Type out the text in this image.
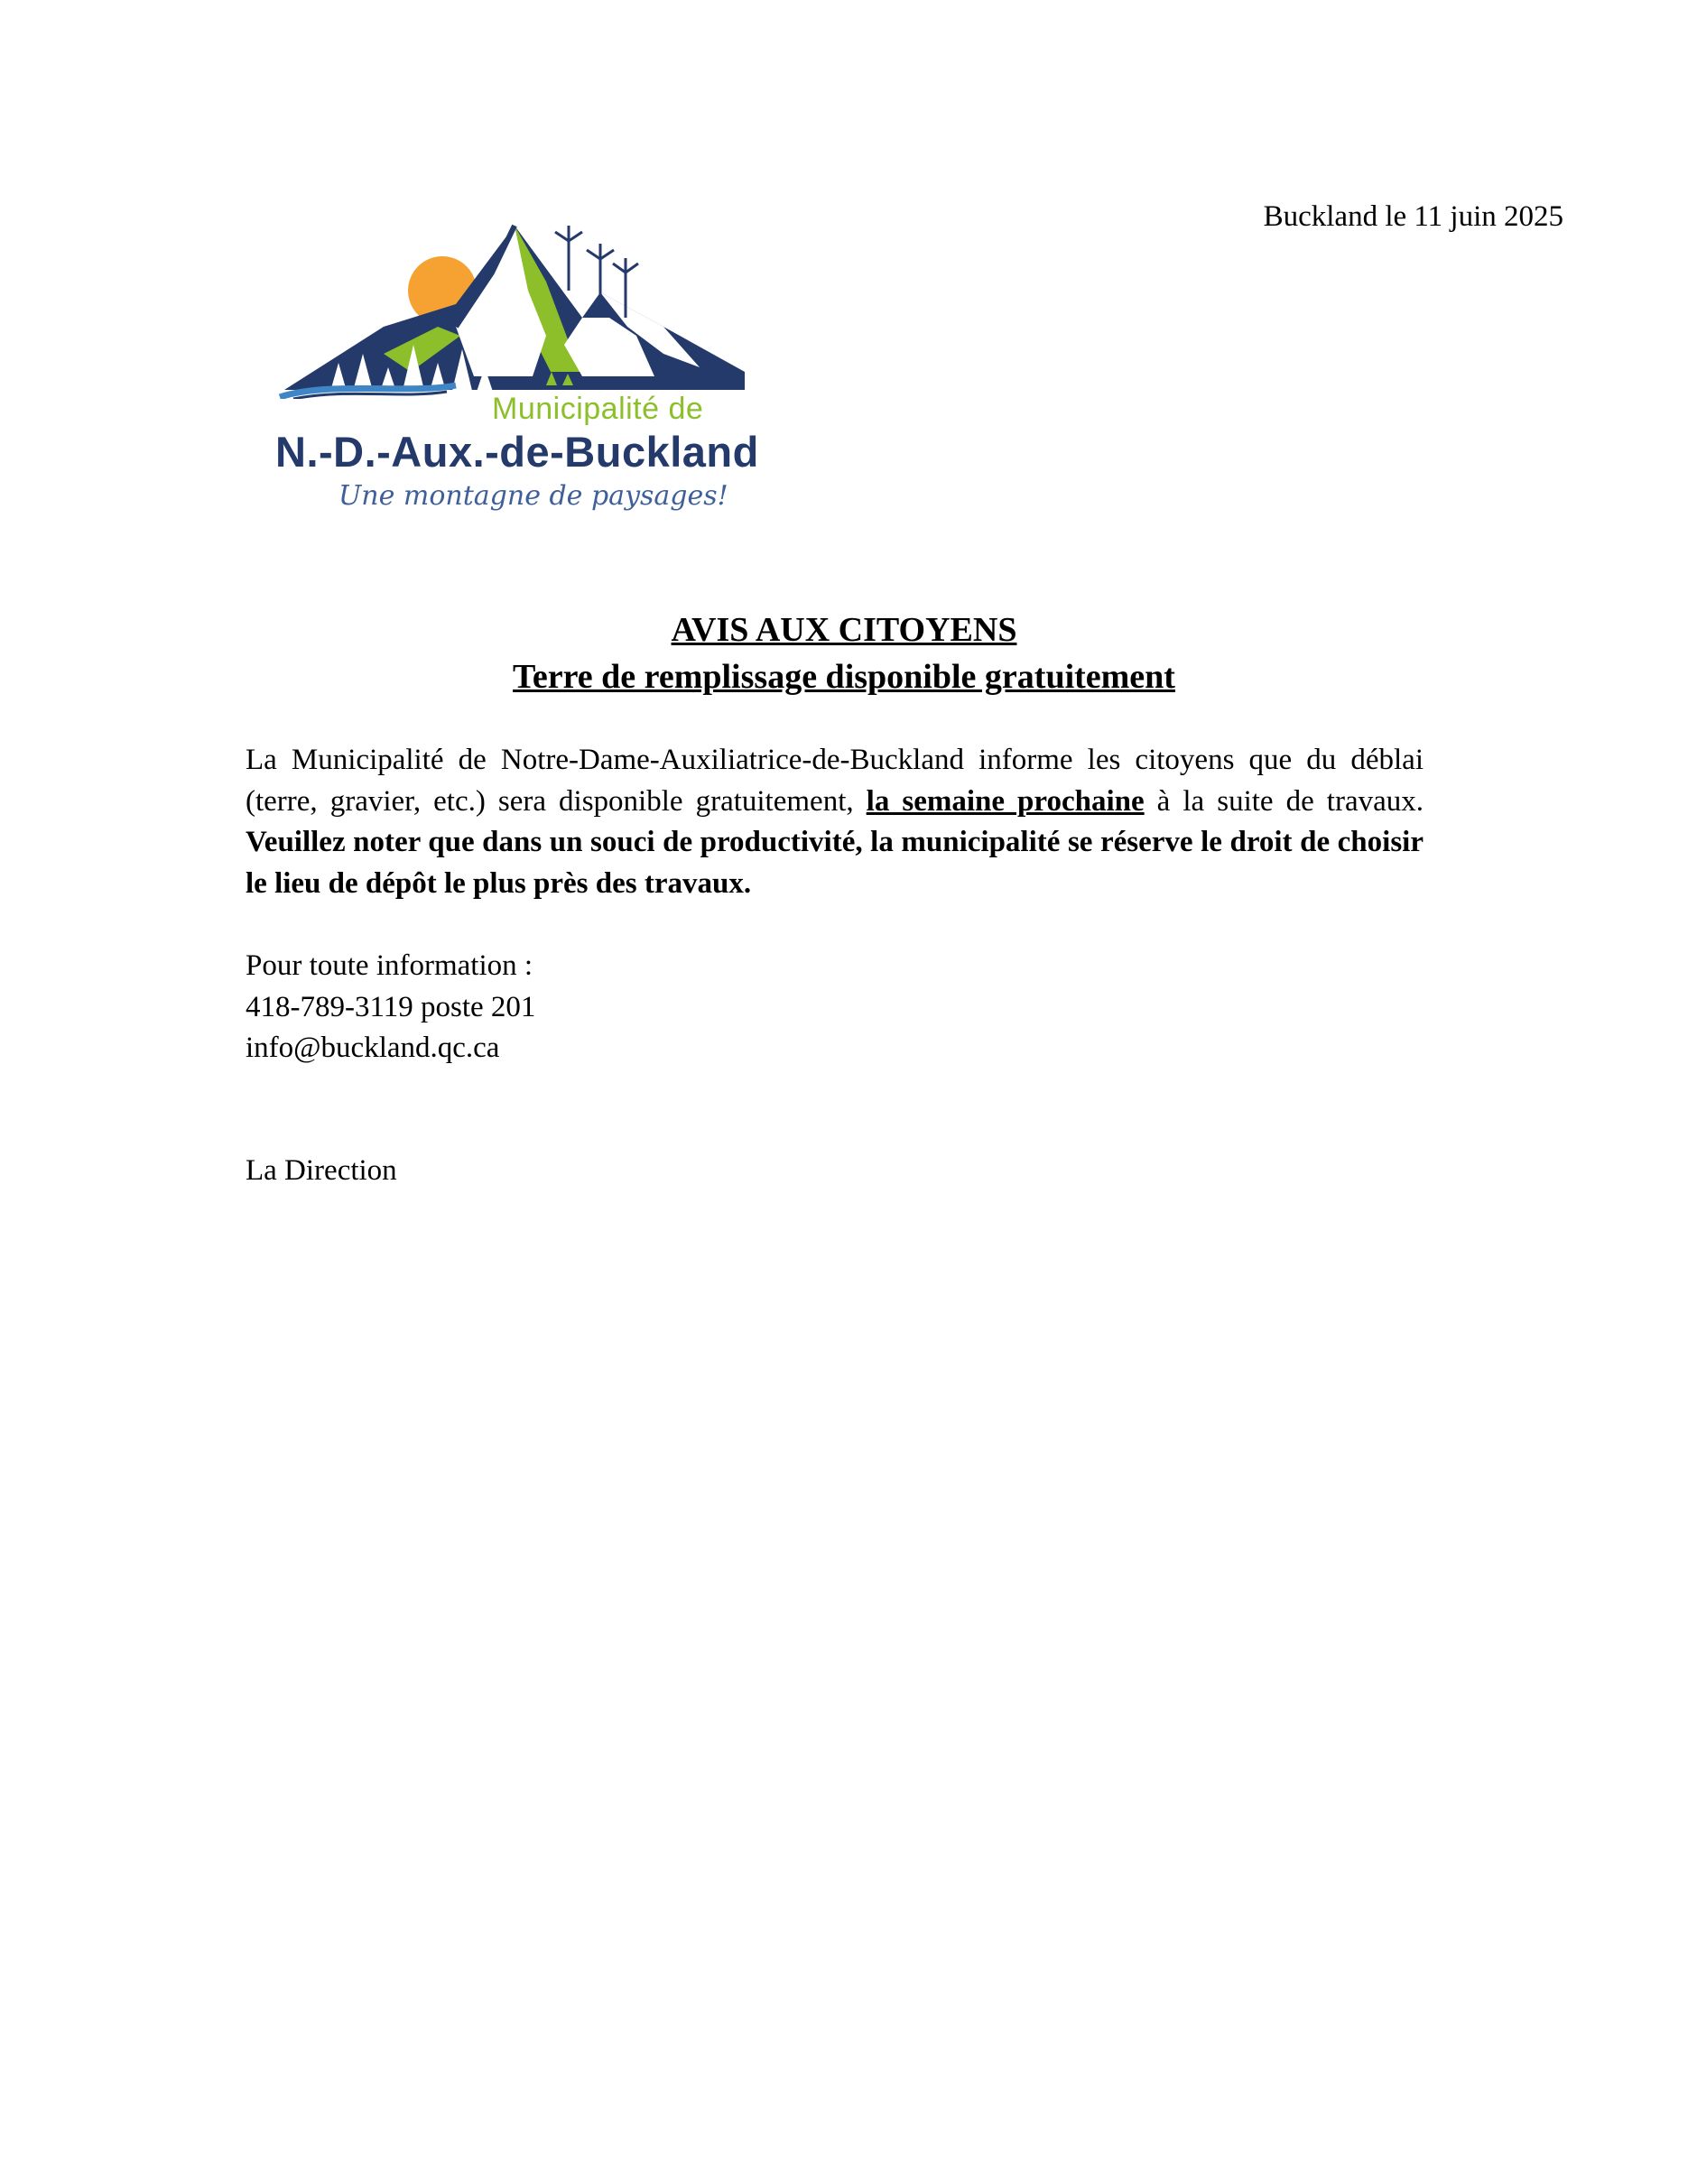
Buckland le 11 juin 2025
Municipalité de
N.-D.-Aux.-de-Buckland
Une montagne de paysages!
AVIS AUX CITOYENS
Terre de remplissage disponible gratuitement
La Municipalité de Notre-Dame-Auxiliatrice-de-Buckland informe les citoyens que du déblai (terre, gravier, etc.) sera disponible gratuitement, la semaine prochaine à la suite de travaux. Veuillez noter que dans un souci de productivité, la municipalité se réserve le droit de choisir le lieu de dépôt le plus près des travaux.
Pour toute information :
418-789-3119 poste 201
info@buckland.qc.ca
La Direction
